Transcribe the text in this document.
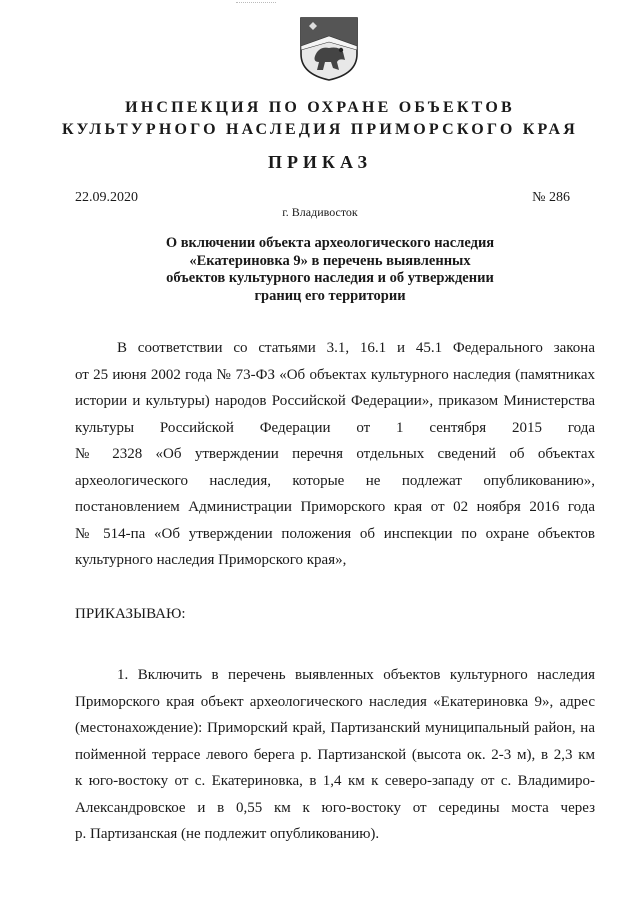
ИНСПЕКЦИЯ ПО ОХРАНЕ ОБЪЕКТОВ
КУЛЬТУРНОГО НАСЛЕДИЯ ПРИМОРСКОГО КРАЯ
ПРИКАЗ
22.09.2020	№ 286
г. Владивосток
О включении объекта археологического наследия
«Екатериновка 9» в перечень выявленных
объектов культурного наследия и об утверждении
границ его территории
В соответствии со статьями 3.1, 16.1 и 45.1 Федерального закона
от 25 июня 2002 года № 73-ФЗ «Об объектах культурного наследия (памятниках
истории и культуры) народов Российской Федерации», приказом Министерства
культуры Российской Федерации от 1 сентября 2015 года
№ 2328 «Об утверждении перечня отдельных сведений об объектах
археологического наследия, которые не подлежат опубликованию»,
постановлением Администрации Приморского края от 02 ноября 2016 года
№ 514-па «Об утверждении положения об инспекции по охране объектов
культурного наследия Приморского края»,
ПРИКАЗЫВАЮ:
1. Включить в перечень выявленных объектов культурного наследия
Приморского края объект археологического наследия «Екатериновка 9», адрес
(местонахождение): Приморский край, Партизанский муниципальный район, на
пойменной террасе левого берега р. Партизанской (высота ок. 2-3 м), в 2,3 км
к юго-востоку от с. Екатериновка, в 1,4 км к северо-западу от с. Владимиро-
Александровское и в 0,55 км к юго-востоку от середины моста через
р. Партизанская (не подлежит опубликованию).
